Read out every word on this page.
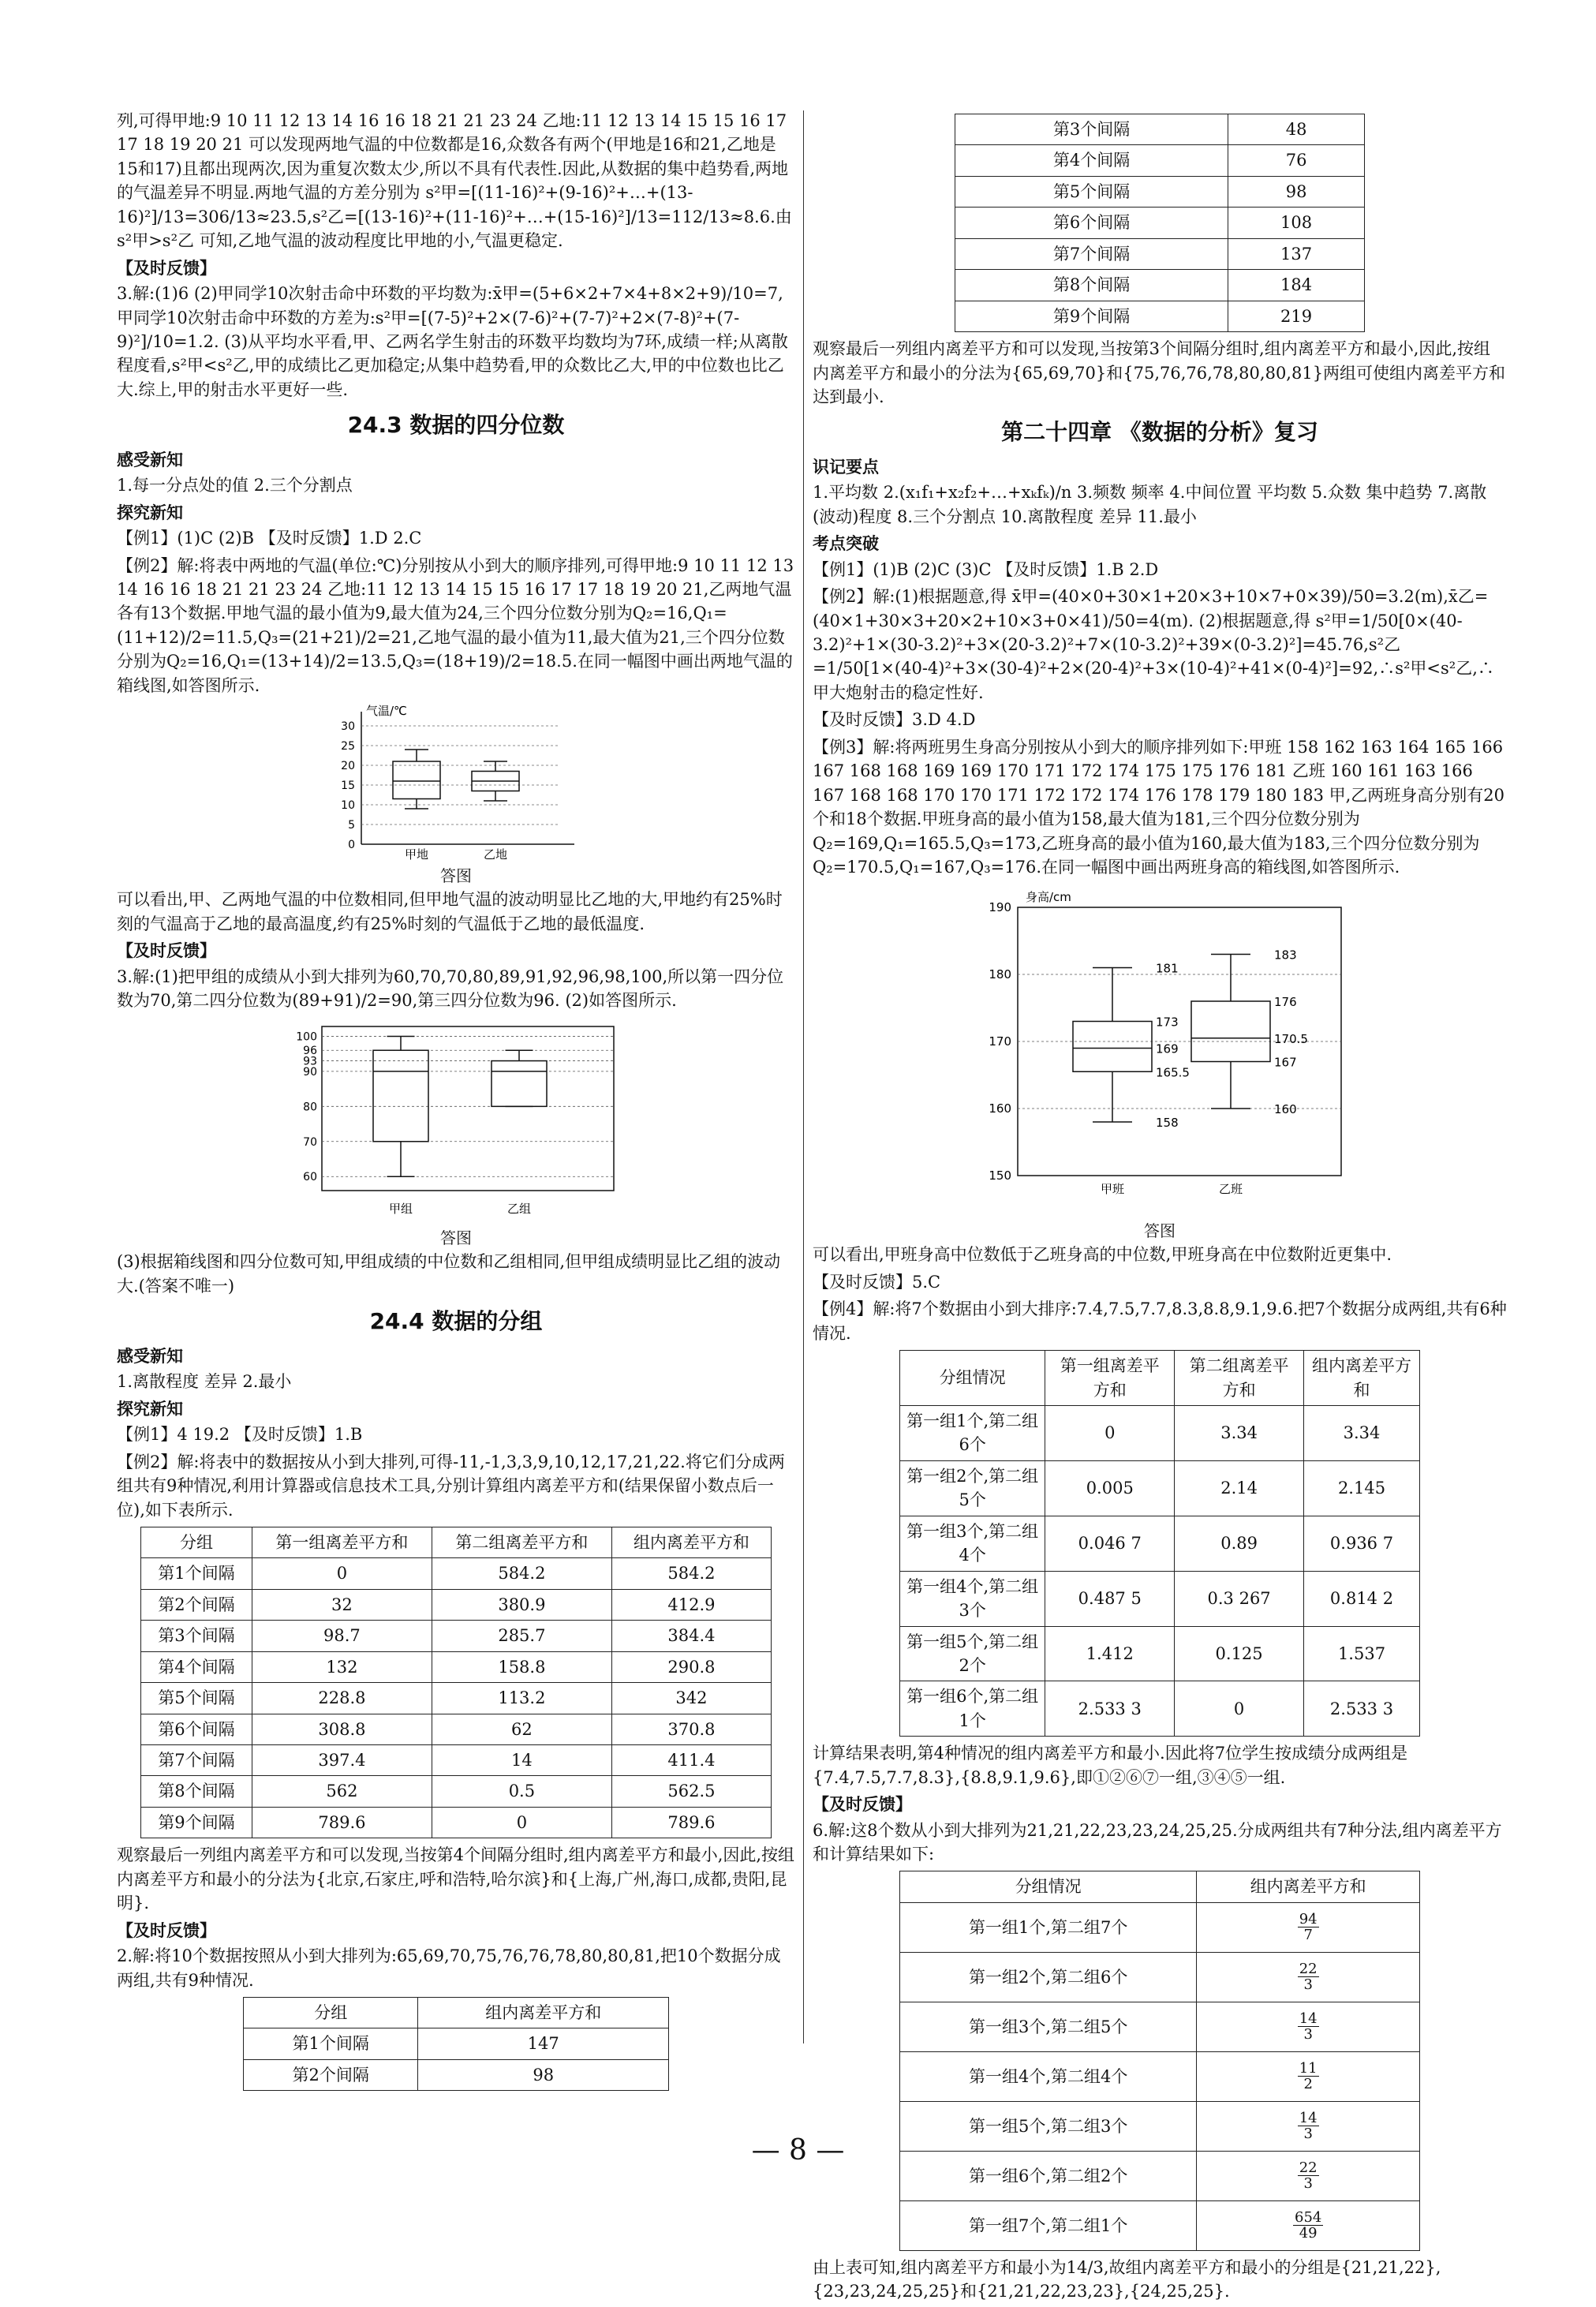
列,可得甲地:9 10 11 12 13 14 16 16 18 21 21 23 24 乙地:11 12 13 14 15 15 16 17 17 18 19 20 21 可以发现两地气温的中位数都是16,众数各有两个(甲地是16和21,乙地是15和17)且都出现两次,因为重复次数太少,所以不具有代表性.因此,从数据的集中趋势看,两地的气温差异不明显.两地气温的方差分别为 s²甲=[(11-16)²+(9-16)²+…+(13-16)²]/13=306/13≈23.5,s²乙=[(13-16)²+(11-16)²+…+(15-16)²]/13=112/13≈8.6.由 s²甲>s²乙 可知,乙地气温的波动程度比甲地的小,气温更稳定.

【及时反馈】

3.解:(1)6 (2)甲同学10次射击命中环数的平均数为:x̄甲=(5+6×2+7×4+8×2+9)/10=7,甲同学10次射击命中环数的方差为:s²甲=[(7-5)²+2×(7-6)²+(7-7)²+2×(7-8)²+(7-9)²]/10=1.2. (3)从平均水平看,甲、乙两名学生射击的环数平均数均为7环,成绩一样;从离散程度看,s²甲<s²乙,甲的成绩比乙更加稳定;从集中趋势看,甲的众数比乙大,甲的中位数也比乙大.综上,甲的射击水平更好一些.

24.3 数据的四分位数
感受新知

1.每一分点处的值 2.三个分割点

探究新知

【例1】(1)C (2)B 【及时反馈】1.D 2.C

【例2】解:将表中两地的气温(单位:℃)分别按从小到大的顺序排列,可得甲地:9 10 11 12 13 14 16 16 18 21 21 23 24 乙地:11 12 13 14 15 15 16 17 17 18 19 20 21,乙两地气温各有13个数据.甲地气温的最小值为9,最大值为24,三个四分位数分别为Q₂=16,Q₁=(11+12)/2=11.5,Q₃=(21+21)/2=21,乙地气温的最小值为11,最大值为21,三个四分位数分别为Q₂=16,Q₁=(13+14)/2=13.5,Q₃=(18+19)/2=18.5.在同一幅图中画出两地气温的箱线图,如答图所示.

气温/℃
0
5
10
15
20
25
30
甲地	乙地
答图

可以看出,甲、乙两地气温的中位数相同,但甲地气温的波动明显比乙地的大,甲地约有25%时刻的气温高于乙地的最高温度,约有25%时刻的气温低于乙地的最低温度.

【及时反馈】

3.解:(1)把甲组的成绩从小到大排列为60,70,70,80,89,91,92,96,98,100,所以第一四分位数为70,第二四分位数为(89+91)/2=90,第三四分位数为96. (2)如答图所示.

60
70
80
90
93
96
100
甲组	乙组
答图

(3)根据箱线图和四分位数可知,甲组成绩的中位数和乙组相同,但甲组成绩明显比乙组的波动大.(答案不唯一)

24.4 数据的分组
感受新知

1.离散程度 差异 2.最小

探究新知

【例1】4 19.2 【及时反馈】1.B

【例2】解:将表中的数据按从小到大排列,可得-11,-1,3,3,9,10,12,17,21,22.将它们分成两组共有9种情况,利用计算器或信息技术工具,分别计算组内离差平方和(结果保留小数点后一位),如下表所示.

分组	第一组离差平方和	第二组离差平方和	组内离差平方和
第1个间隔	0	584.2	584.2
第2个间隔	32	380.9	412.9
第3个间隔	98.7	285.7	384.4
第4个间隔	132	158.8	290.8
第5个间隔	228.8	113.2	342
第6个间隔	308.8	62	370.8
第7个间隔	397.4	14	411.4
第8个间隔	562	0.5	562.5
第9个间隔	789.6	0	789.6

观察最后一列组内离差平方和可以发现,当按第4个间隔分组时,组内离差平方和最小,因此,按组内离差平方和最小的分法为{北京,石家庄,呼和浩特,哈尔滨}和{上海,广州,海口,成都,贵阳,昆明}.

【及时反馈】

2.解:将10个数据按照从小到大排列为:65,69,70,75,76,76,78,80,80,81,把10个数据分成两组,共有9种情况.

分组	组内离差平方和
第1个间隔	147
第2个间隔	98
第3个间隔	48
第4个间隔	76
第5个间隔	98
第6个间隔	108
第7个间隔	137
第8个间隔	184
第9个间隔	219

观察最后一列组内离差平方和可以发现,当按第3个间隔分组时,组内离差平方和最小,因此,按组内离差平方和最小的分法为{65,69,70}和{75,76,76,78,80,80,81}两组可使组内离差平方和达到最小.

第二十四章 《数据的分析》复习
识记要点

1.平均数 2.(x₁f₁+x₂f₂+…+xₖfₖ)/n 3.频数 频率 4.中间位置 平均数 5.众数 集中趋势 7.离散(波动)程度 8.三个分割点 10.离散程度 差异 11.最小

考点突破

【例1】(1)B (2)C (3)C 【及时反馈】1.B 2.D

【例2】解:(1)根据题意,得 x̄甲=(40×0+30×1+20×3+10×7+0×39)/50=3.2(m),x̄乙=(40×1+30×3+20×2+10×3+0×41)/50=4(m). (2)根据题意,得 s²甲=1/50[0×(40-3.2)²+1×(30-3.2)²+3×(20-3.2)²+7×(10-3.2)²+39×(0-3.2)²]=45.76,s²乙=1/50[1×(40-4)²+3×(30-4)²+2×(20-4)²+3×(10-4)²+41×(0-4)²]=92,∴s²甲<s²乙,∴甲大炮射击的稳定性好.

【及时反馈】3.D 4.D

【例3】解:将两班男生身高分别按从小到大的顺序排列如下:甲班 158 162 163 164 165 166 167 168 168 169 169 170 171 172 174 175 175 176 181 乙班 160 161 163 166 167 168 168 170 170 171 172 172 174 176 178 179 180 183 甲,乙两班身高分别有20个和18个数据.甲班身高的最小值为158,最大值为181,三个四分位数分别为Q₂=169,Q₁=165.5,Q₃=173,乙班身高的最小值为160,最大值为183,三个四分位数分别为Q₂=170.5,Q₁=167,Q₃=176.在同一幅图中画出两班身高的箱线图,如答图所示.

身高/cm
150
160
170
180
190
181
173
169
165.5
158
183
176
170.5
167
160
甲班	乙班
答图

可以看出,甲班身高中位数低于乙班身高的中位数,甲班身高在中位数附近更集中.

【及时反馈】5.C

【例4】解:将7个数据由小到大排序:7.4,7.5,7.7,8.3,8.8,9.1,9.6.把7个数据分成两组,共有6种情况.

分组情况	第一组离差平方和	第二组离差平方和	组内离差平方和
第一组1个,第二组6个	0	3.34	3.34
第一组2个,第二组5个	0.005	2.14	2.145
第一组3个,第二组4个	0.046 7	0.89	0.936 7
第一组4个,第二组3个	0.487 5	0.3 267	0.814 2
第一组5个,第二组2个	1.412	0.125	1.537
第一组6个,第二组1个	2.533 3	0	2.533 3

计算结果表明,第4种情况的组内离差平方和最小.因此将7位学生按成绩分成两组是{7.4,7.5,7.7,8.3},{8.8,9.1,9.6},即①②⑥⑦一组,③④⑤一组.

【及时反馈】

6.解:这8个数从小到大排列为21,21,22,23,23,24,25,25.分成两组共有7种分法,组内离差平方和计算结果如下:

分组情况	组内离差平方和
第一组1个,第二组7个	$\frac{94}{7}$

第一组2个,第二组6个	$\frac{22}{3}$

第一组3个,第二组5个	$\frac{14}{3}$

第一组4个,第二组4个	$\frac{11}{2}$

第一组5个,第二组3个	$\frac{14}{3}$

第一组6个,第二组2个	$\frac{22}{3}$

第一组7个,第二组1个	$\frac{654}{49}$

由上表可知,组内离差平方和最小为14/3,故组内离差平方和最小的分组是{21,21,22},{23,23,24,25,25}和{21,21,22,23,23},{24,25,25}.

— 8 —
